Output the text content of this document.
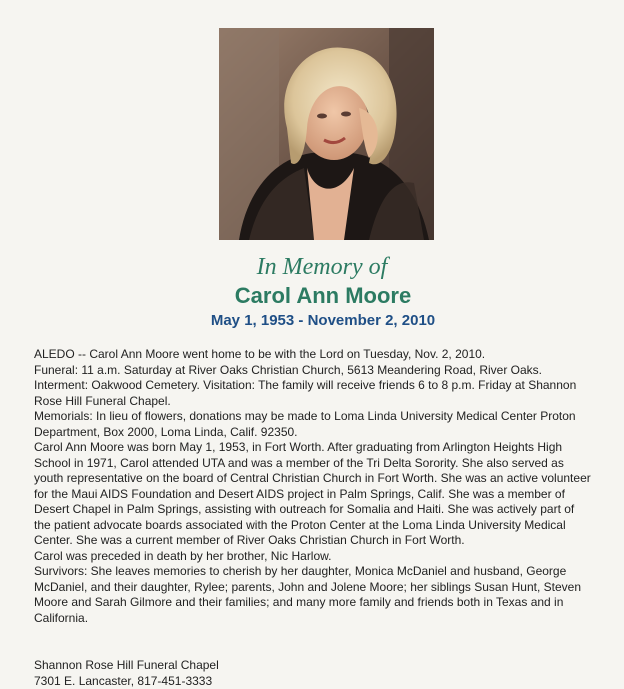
In Memory of
Carol Ann Moore
May 1, 1953 - November 2, 2010

ALEDO -- Carol Ann Moore went home to be with the Lord on Tuesday, Nov. 2, 2010.

Funeral: 11 a.m. Saturday at River Oaks Christian Church, 5613 Meandering Road, River Oaks.

Interment: Oakwood Cemetery. Visitation: The family will receive friends 6 to 8 p.m. Friday at Shannon Rose Hill Funeral Chapel.

Memorials: In lieu of flowers, donations may be made to Loma Linda University Medical Center Proton Department, Box 2000, Loma Linda, Calif. 92350.

Carol Ann Moore was born May 1, 1953, in Fort Worth. After graduating from Arlington Heights High School in 1971, Carol attended UTA and was a member of the Tri Delta Sorority. She also served as youth representative on the board of Central Christian Church in Fort Worth. She was an active volunteer for the Maui AIDS Foundation and Desert AIDS project in Palm Springs, Calif. She was a member of Desert Chapel in Palm Springs, assisting with outreach for Somalia and Haiti. She was actively part of the patient advocate boards associated with the Proton Center at the Loma Linda University Medical Center. She was a current member of River Oaks Christian Church in Fort Worth.

Carol was preceded in death by her brother, Nic Harlow.

Survivors: She leaves memories to cherish by her daughter, Monica McDaniel and husband, George McDaniel, and their daughter, Rylee; parents, John and Jolene Moore; her siblings Susan Hunt, Steven Moore and Sarah Gilmore and their families; and many more family and friends both in Texas and in California.

Shannon Rose Hill Funeral Chapel

7301 E. Lancaster, 817-451-3333
